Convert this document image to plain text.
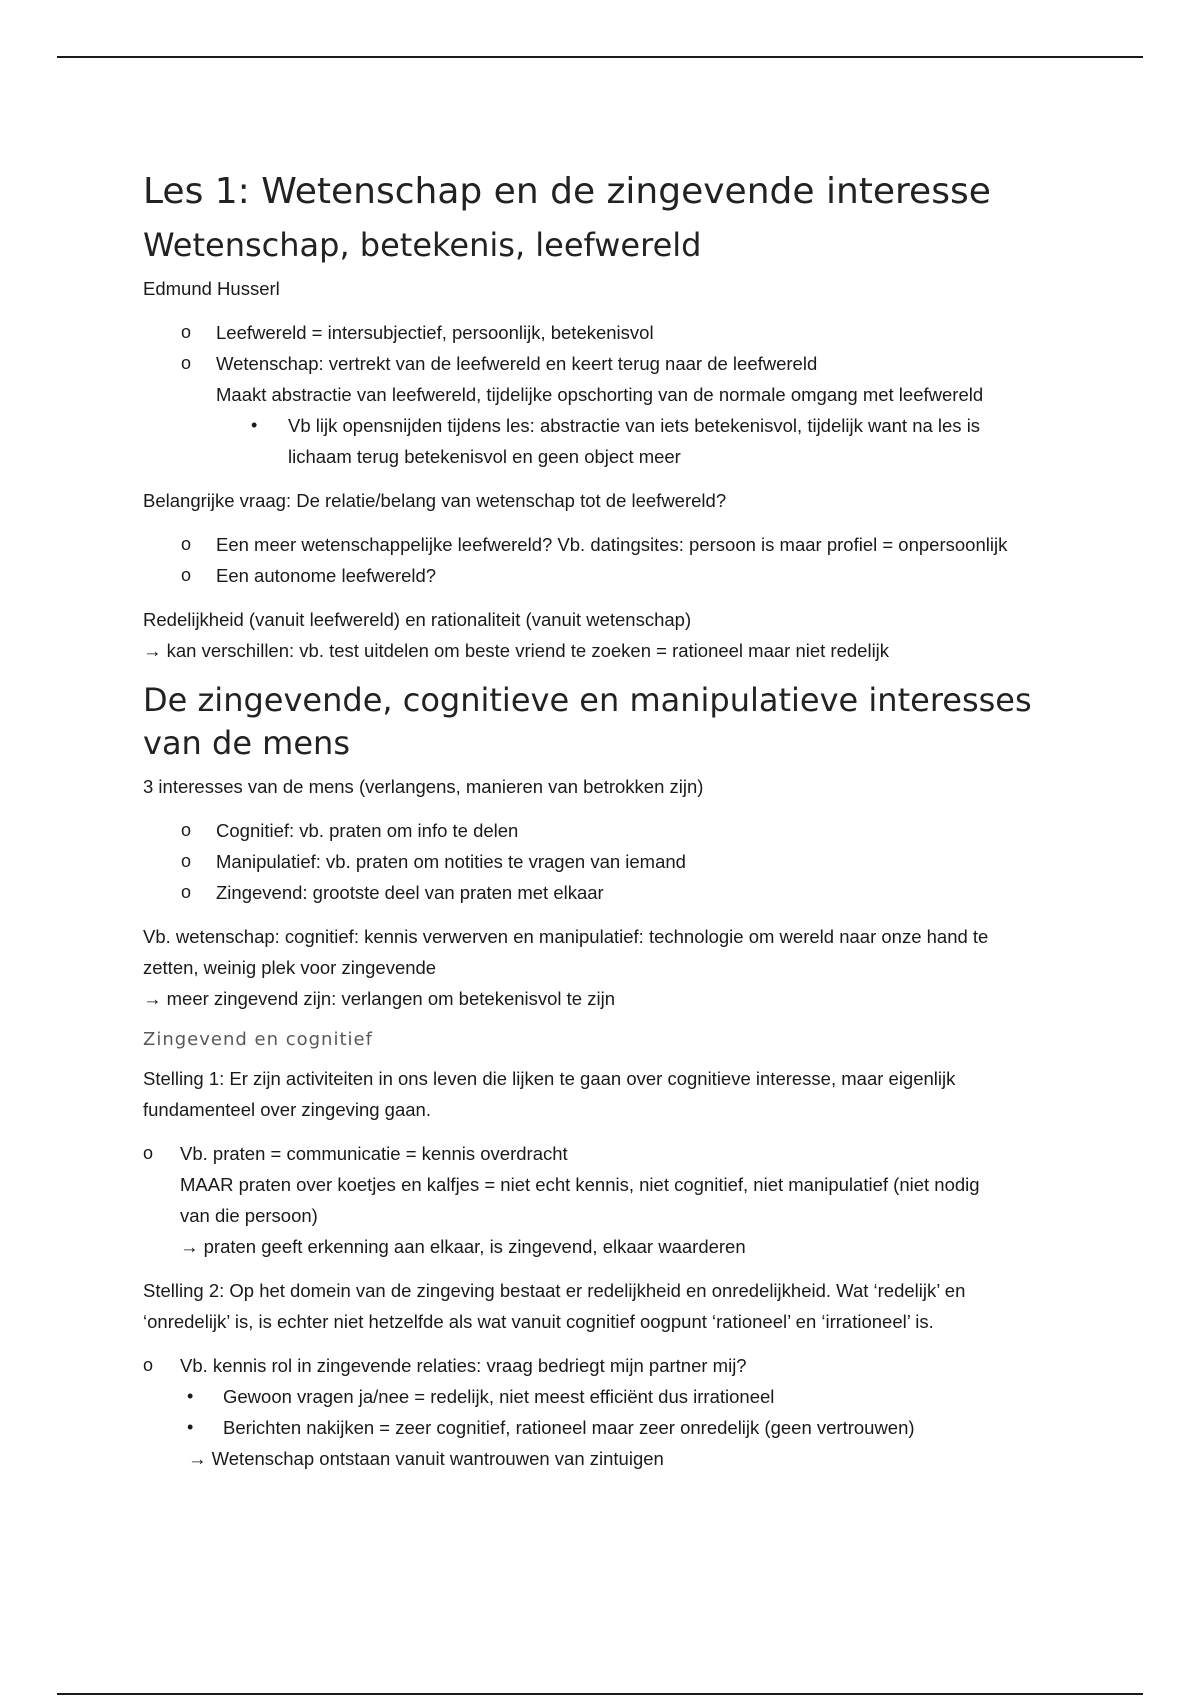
Les 1: Wetenschap en de zingevende interesse
Wetenschap, betekenis, leefwereld

Edmund Husserl

o Leefwereld = intersubjectief, persoonlijk, betekenisvol
o Wetenschap: vertrekt van de leefwereld en keert terug naar de leefwereld
Maakt abstractie van leefwereld, tijdelijke opschorting van de normale omgang met leefwereld
• Vb lijk opensnijden tijdens les: abstractie van iets betekenisvol, tijdelijk want na les is
lichaam terug betekenisvol en geen object meer

Belangrijke vraag: De relatie/belang van wetenschap tot de leefwereld?

o Een meer wetenschappelijke leefwereld? Vb. datingsites: persoon is maar profiel = onpersoonlijk
o Een autonome leefwereld?

Redelijkheid (vanuit leefwereld) en rationaliteit (vanuit wetenschap)
→ kan verschillen: vb. test uitdelen om beste vriend te zoeken = rationeel maar niet redelijk

De zingevende, cognitieve en manipulatieve interesses
van de mens

3 interesses van de mens (verlangens, manieren van betrokken zijn)

o Cognitief: vb. praten om info te delen
o Manipulatief: vb. praten om notities te vragen van iemand
o Zingevend: grootste deel van praten met elkaar

Vb. wetenschap: cognitief: kennis verwerven en manipulatief: technologie om wereld naar onze hand te
zetten, weinig plek voor zingevende
→ meer zingevend zijn: verlangen om betekenisvol te zijn

Zingevend en cognitief

Stelling 1: Er zijn activiteiten in ons leven die lijken te gaan over cognitieve interesse, maar eigenlijk
fundamenteel over zingeving gaan.

o Vb. praten = communicatie = kennis overdracht
MAAR praten over koetjes en kalfjes = niet echt kennis, niet cognitief, niet manipulatief (niet nodig
van die persoon)
→ praten geeft erkenning aan elkaar, is zingevend, elkaar waarderen

Stelling 2: Op het domein van de zingeving bestaat er redelijkheid en onredelijkheid. Wat ‘redelijk’ en
‘onredelijk’ is, is echter niet hetzelfde als wat vanuit cognitief oogpunt ‘rationeel’ en ‘irrationeel’ is.

o Vb. kennis rol in zingevende relaties: vraag bedriegt mijn partner mij?
• Gewoon vragen ja/nee = redelijk, niet meest efficiënt dus irrationeel
• Berichten nakijken = zeer cognitief, rationeel maar zeer onredelijk (geen vertrouwen)
→ Wetenschap ontstaan vanuit wantrouwen van zintuigen
